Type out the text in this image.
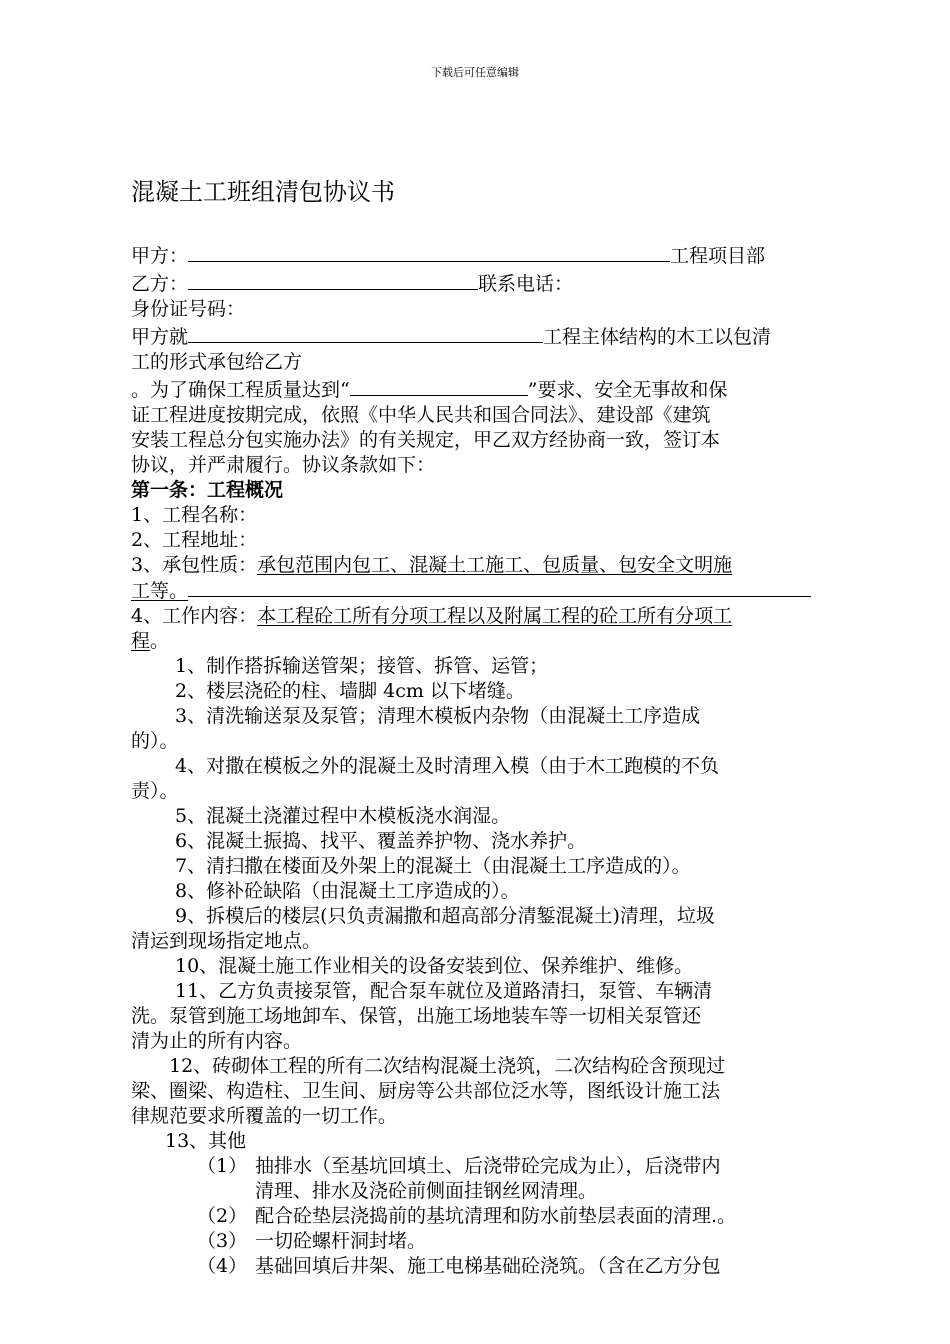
下载后可任意编辑
混凝土工班组清包协议书

甲方：	工程项目部

乙方：	联系电话：

身份证号码：

甲方就	工程主体结构的木工以包清

工的形式承包给乙方

。为了确保工程质量达到“	”要求、安全无事故和保

证工程进度按期完成，依照《中华人民共和国合同法》、建设部《建筑

安装工程总分包实施办法》的有关规定，甲乙双方经协商一致，签订本

协议，并严肃履行。协议条款如下：

第一条：工程概况

1、工程名称：

2、工程地址：

3、承包性质：承包范围内包工、混凝土工施工、包质量、包安全文明施

工等。

4、工作内容：本工程砼工所有分项工程以及附属工程的砼工所有分项工

程。

1、制作搭拆输送管架；接管、拆管、运管；

2、楼层浇砼的柱、墙脚 4cm 以下堵缝。

3、清洗输送泵及泵管；清理木模板内杂物（由混凝土工序造成

的）。

4、对撒在模板之外的混凝土及时清理入模（由于木工跑模的不负

责）。

5、混凝土浇灌过程中木模板浇水润湿。

6、混凝土振捣、找平、覆盖养护物、浇水养护。

7、清扫撒在楼面及外架上的混凝土（由混凝土工序造成的）。

8、修补砼缺陷（由混凝土工序造成的）。

9、拆模后的楼层(只负责漏撒和超高部分清錾混凝土)清理，垃圾

清运到现场指定地点。

10、混凝土施工作业相关的设备安装到位、保养维护、维修。

11、乙方负责接泵管，配合泵车就位及道路清扫，泵管、车辆清

洗。泵管到施工场地卸车、保管，出施工场地装车等一切相关泵管还

清为止的所有内容。

12、砖砌体工程的所有二次结构混凝土浇筑，二次结构砼含预现过

梁、圈梁、构造柱、卫生间、厨房等公共部位泛水等，图纸设计施工法

律规范要求所覆盖的一切工作。

13、其他

（1） 抽排水（至基坑回填土、后浇带砼完成为止），后浇带内

清理、排水及浇砼前侧面挂钢丝网清理。

（2） 配合砼垫层浇捣前的基坑清理和防水前垫层表面的清理.。

（3） 一切砼螺杆洞封堵。

（4） 基础回填后井架、施工电梯基础砼浇筑。（含在乙方分包
